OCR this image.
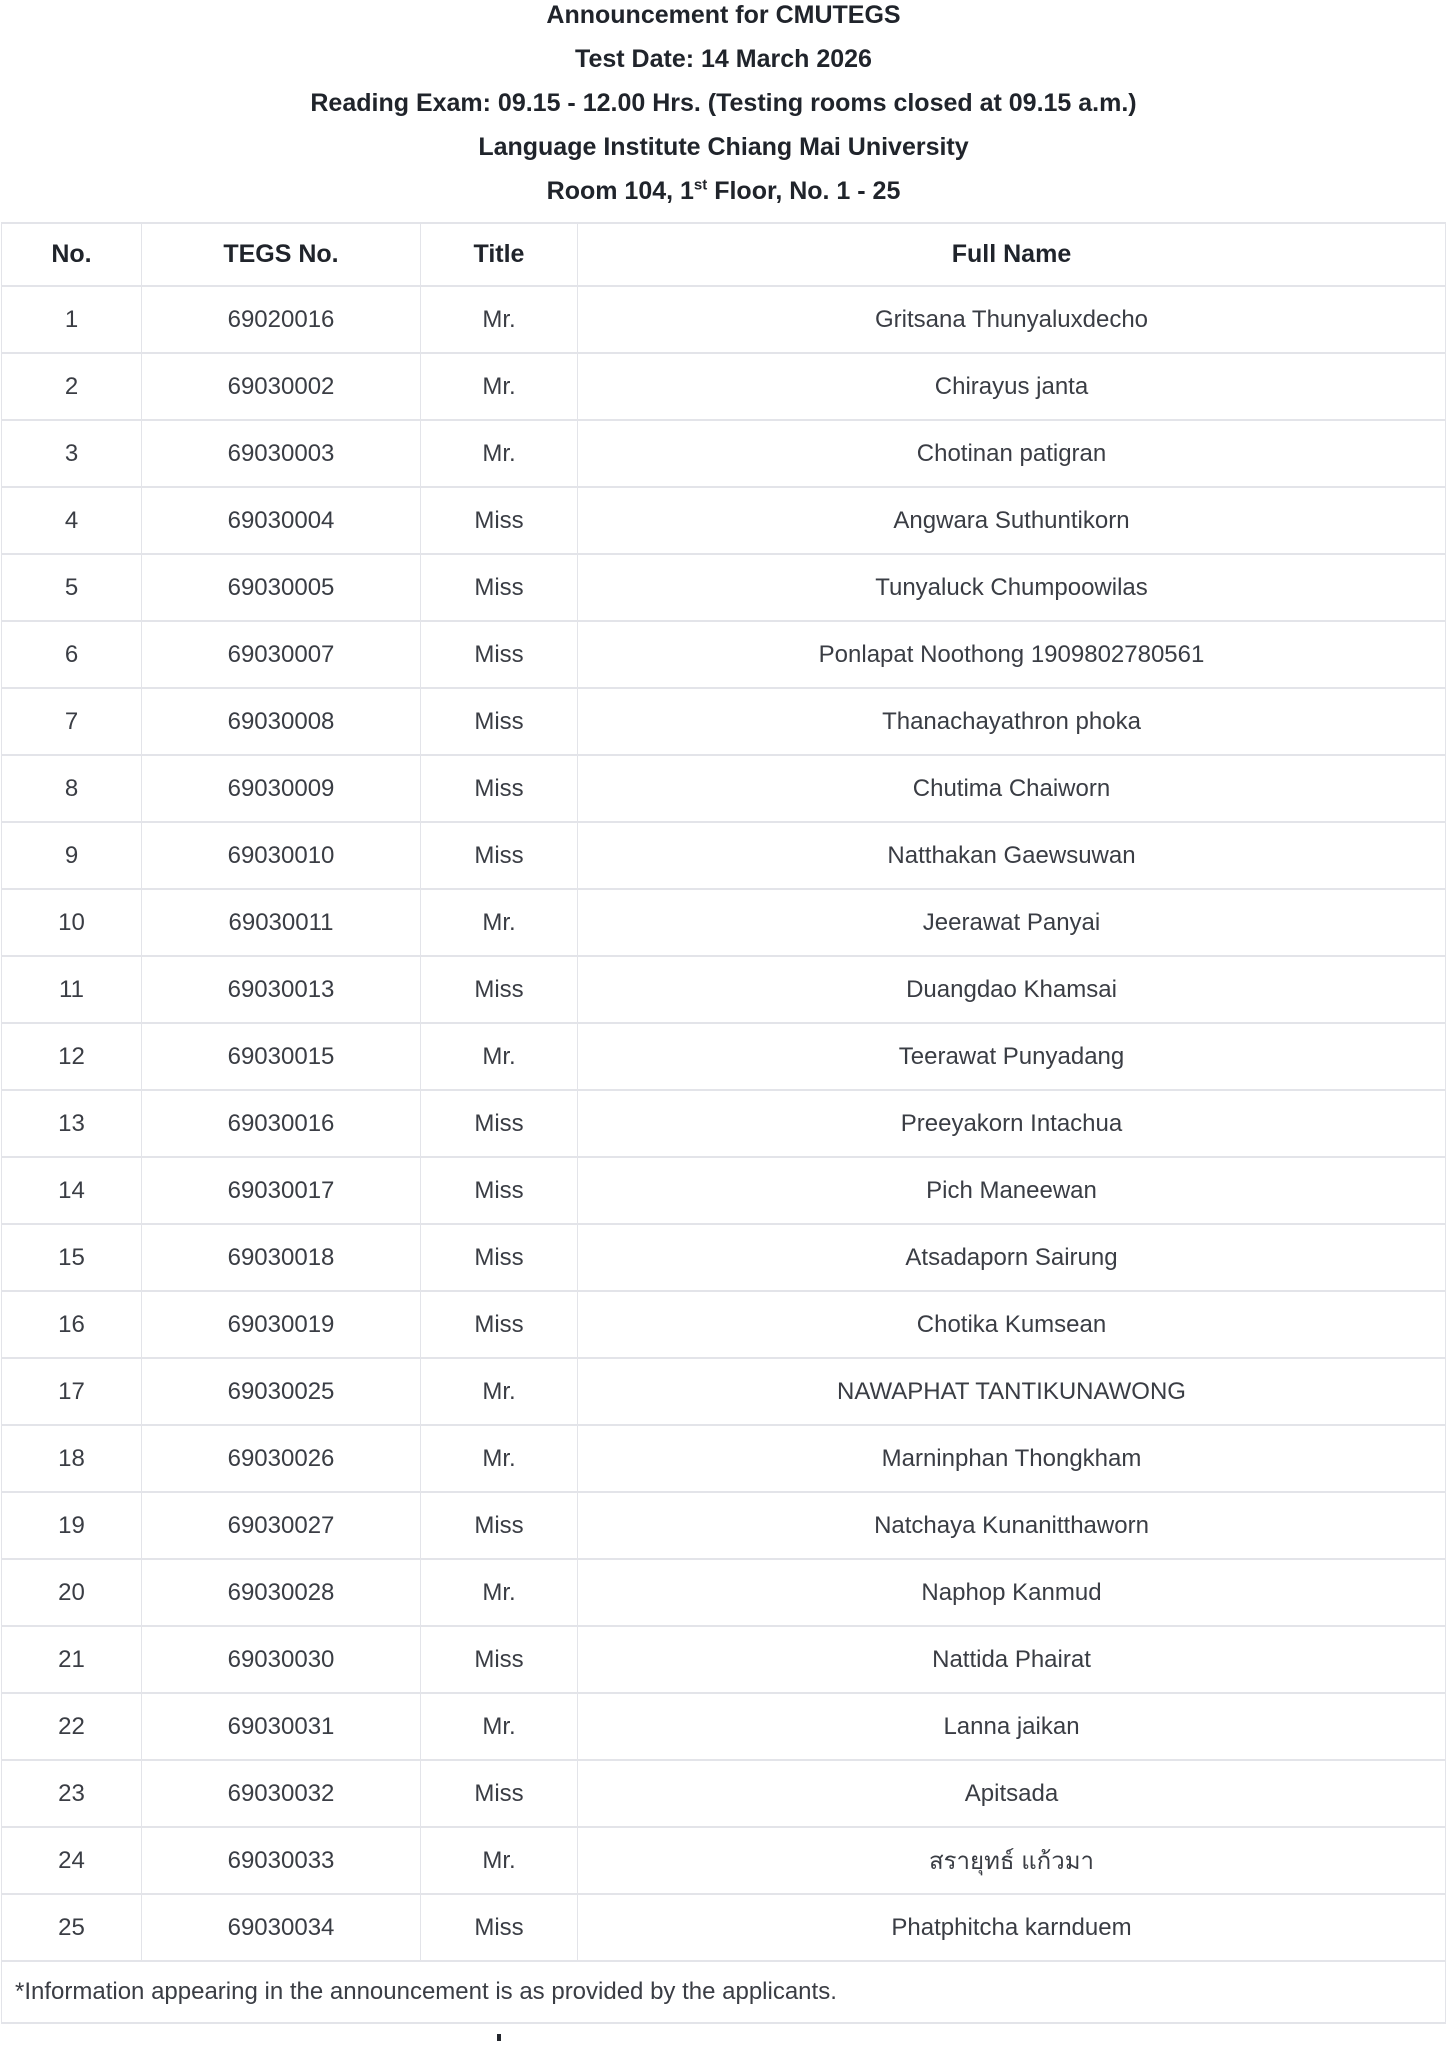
Announcement for CMUTEGS
Test Date: 14 March 2026
Reading Exam: 09.15 - 12.00 Hrs. (Testing rooms closed at 09.15 a.m.)
Language Institute Chiang Mai University
Room 104, 1st Floor, No. 1 - 25
No.	TEGS No.	Title	Full Name
1	69020016	Mr.	Gritsana Thunyaluxdecho
2	69030002	Mr.	Chirayus janta
3	69030003	Mr.	Chotinan patigran
4	69030004	Miss	Angwara Suthuntikorn
5	69030005	Miss	Tunyaluck Chumpoowilas
6	69030007	Miss	Ponlapat Noothong 1909802780561
7	69030008	Miss	Thanachayathron phoka
8	69030009	Miss	Chutima Chaiworn
9	69030010	Miss	Natthakan Gaewsuwan
10	69030011	Mr.	Jeerawat Panyai
11	69030013	Miss	Duangdao Khamsai
12	69030015	Mr.	Teerawat Punyadang
13	69030016	Miss	Preeyakorn Intachua
14	69030017	Miss	Pich Maneewan
15	69030018	Miss	Atsadaporn Sairung
16	69030019	Miss	Chotika Kumsean
17	69030025	Mr.	NAWAPHAT TANTIKUNAWONG
18	69030026	Mr.	Marninphan Thongkham
19	69030027	Miss	Natchaya Kunanitthaworn
20	69030028	Mr.	Naphop Kanmud
21	69030030	Miss	Nattida Phairat
22	69030031	Mr.	Lanna jaikan
23	69030032	Miss	Apitsada
24	69030033	Mr.	สรายุทธ์ แก้วมา
25	69030034	Miss	Phatphitcha karnduem
*Information appearing in the announcement is as provided by the applicants.			
